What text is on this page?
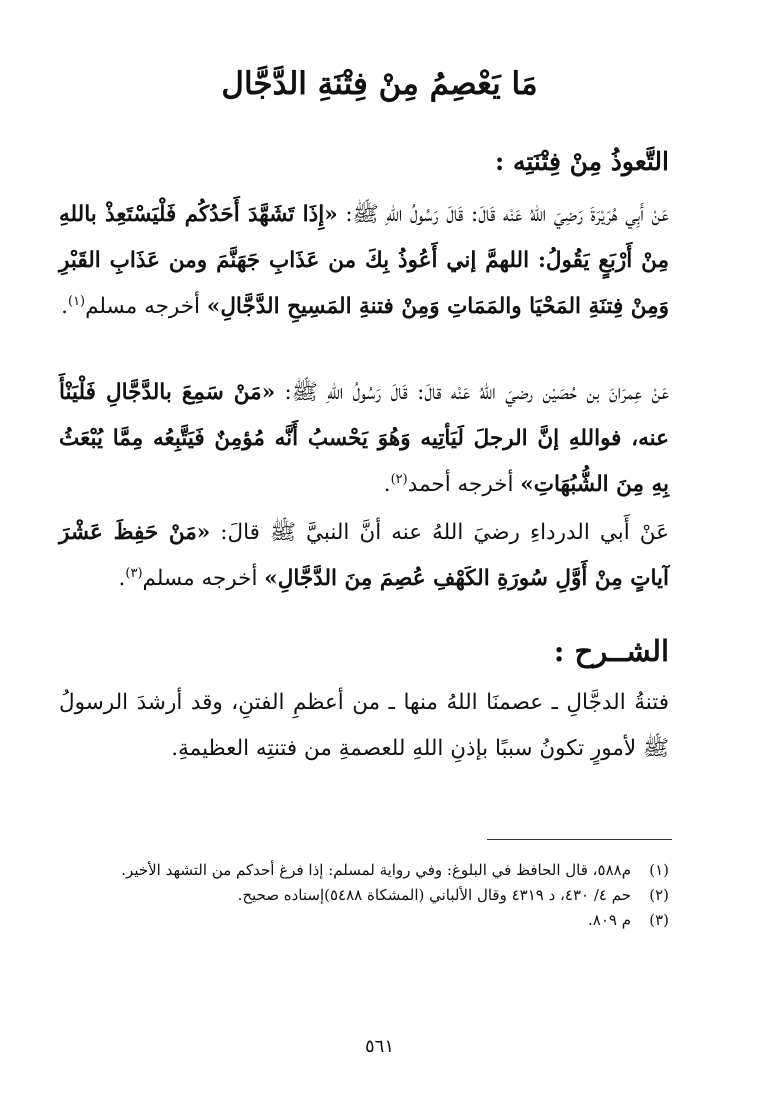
مَا يَعْصِمُ مِنْ فِتْنَةِ الدَّجَّال
التَّعوذُ مِنْ فِتْنَتِه :

عَنْ أَبِي هُرَيْرَةَ رَضِيَ اللهُ عَنْه قَالَ: قَالَ رَسُولُ اللهِ ﷺ: «إِذَا تَشَهَّدَ أَحَدُكُم فَلْيَسْتَعِذْ باللهِ مِنْ أَرْبَعٍ يَقُولُ: اللهمَّ إني أَعُوذُ بِكَ من عَذَابِ جَهَنَّمَ ومن عَذَابِ القَبْرِ وَمِنْ فِتنَةِ المَحْيَا والمَمَاتِ وَمِنْ فتنةِ المَسِيحِ الدَّجَّالِ» أخرجه مسلم$^{(١)}$.

عَنْ عِمرَانَ بن حُصَيْن رضيَ اللهُ عَنْه قالَ: قَالَ رَسُولُ اللهِ ﷺ: «مَنْ سَمِعَ بالدَّجَّالِ فَلْيَنْأَ عنه، فواللهِ إنَّ الرجلَ لَيَأتِيه وَهُوَ يَحْسبُ أَنَّه مُؤمِنٌ فَيَتَّبِعُه مِمَّا يُبْعَثُ بِهِ مِنَ الشُّبُهَاتِ» أخرجه أحمد$^{(٢)}$.

عَنْ أَبي الدرداءِ رضيَ اللهُ عنه أنَّ النبيَّ ﷺ قالَ: «مَنْ حَفِظَ عَشْرَ آياتٍ مِنْ أَوَّلِ سُورَةِ الكَهْفِ عُصِمَ مِنَ الدَّجَّالِ» أخرجه مسلم$^{(٣)}$.

الشــرح :

فتنةُ الدجَّالِ ـ عصمنَا اللهُ منها ـ من أعظمِ الفتنِ، وقد أرشدَ الرسولُ ﷺ لأمورٍ تكونُ سببًا بإذنِ اللهِ للعصمةِ من فتنتِه العظيمةِ.

(١)م٥٨٨، قال الحافظ في البلوغ: وفي رواية لمسلم: إذا فرغ أحدكم من التشهد الأخير.
(٢)حم ٤/ ٤٣٠، د ٤٣١٩ وقال الألباني (المشكاة ٥٤٨٨)إسناده صحيح.
(٣)م ٨٠٩.
٥٦١
